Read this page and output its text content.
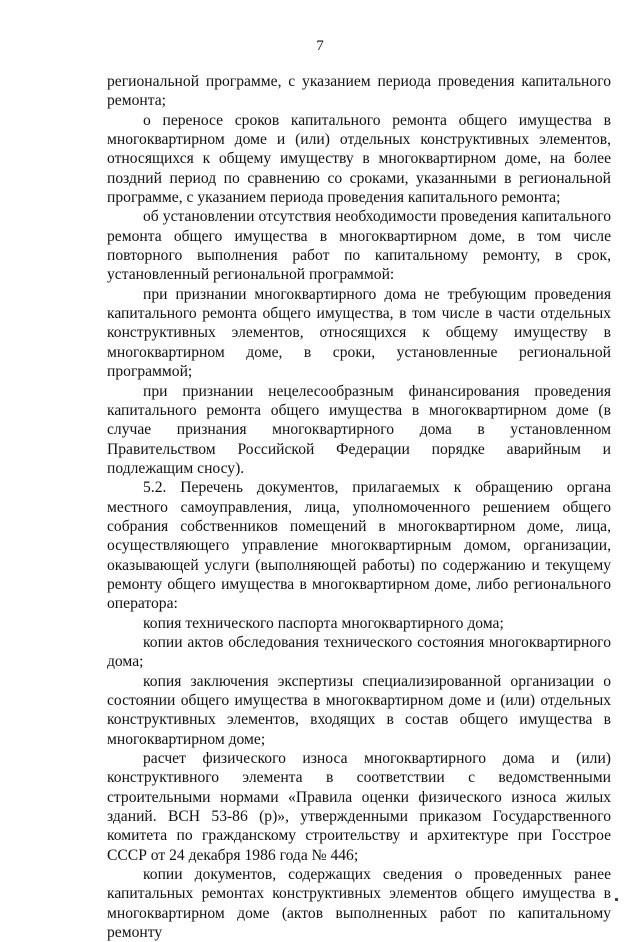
7

региональной программе, с указанием периода проведения капитального ремонта;

о переносе сроков капитального ремонта общего имущества в многоквартирном доме и (или) отдельных конструктивных элементов, относящихся к общему имуществу в многоквартирном доме, на более поздний период по сравнению со сроками, указанными в региональной программе, с указанием периода проведения капитального ремонта;

об установлении отсутствия необходимости проведения капитального ремонта общего имущества в многоквартирном доме, в том числе повторного выполнения работ по капитальному ремонту, в срок, установленный региональной программой:

при признании многоквартирного дома не требующим проведения капитального ремонта общего имущества, в том числе в части отдельных конструктивных элементов, относящихся к общему имуществу в многоквартирном доме, в сроки, установленные региональной программой;

при признании нецелесообразным финансирования проведения капитального ремонта общего имущества в многоквартирном доме (в случае признания многоквартирного дома в установленном Правительством Российской Федерации порядке аварийным и подлежащим сносу).

5.2. Перечень документов, прилагаемых к обращению органа местного самоуправления, лица, уполномоченного решением общего собрания собственников помещений в многоквартирном доме, лица, осуществляющего управление многоквартирным домом, организации, оказывающей услуги (выполняющей работы) по содержанию и текущему ремонту общего имущества в многоквартирном доме, либо регионального оператора:

копия технического паспорта многоквартирного дома;

копии актов обследования технического состояния многоквартирного дома;

копия заключения экспертизы специализированной организации о состоянии общего имущества в многоквартирном доме и (или) отдельных конструктивных элементов, входящих в состав общего имущества в многоквартирном доме;

расчет физического износа многоквартирного дома и (или) конструктивного элемента в соответствии с ведомственными строительными нормами «Правила оценки физического износа жилых зданий. ВСН 53-86 (р)», утвержденными приказом Государственного комитета по гражданскому строительству и архитектуре при Госстрое СССР от 24 декабря 1986 года № 446;

копии документов, содержащих сведения о проведенных ранее капитальных ремонтах конструктивных элементов общего имущества в многоквартирном доме (актов выполненных работ по капитальному ремонту
